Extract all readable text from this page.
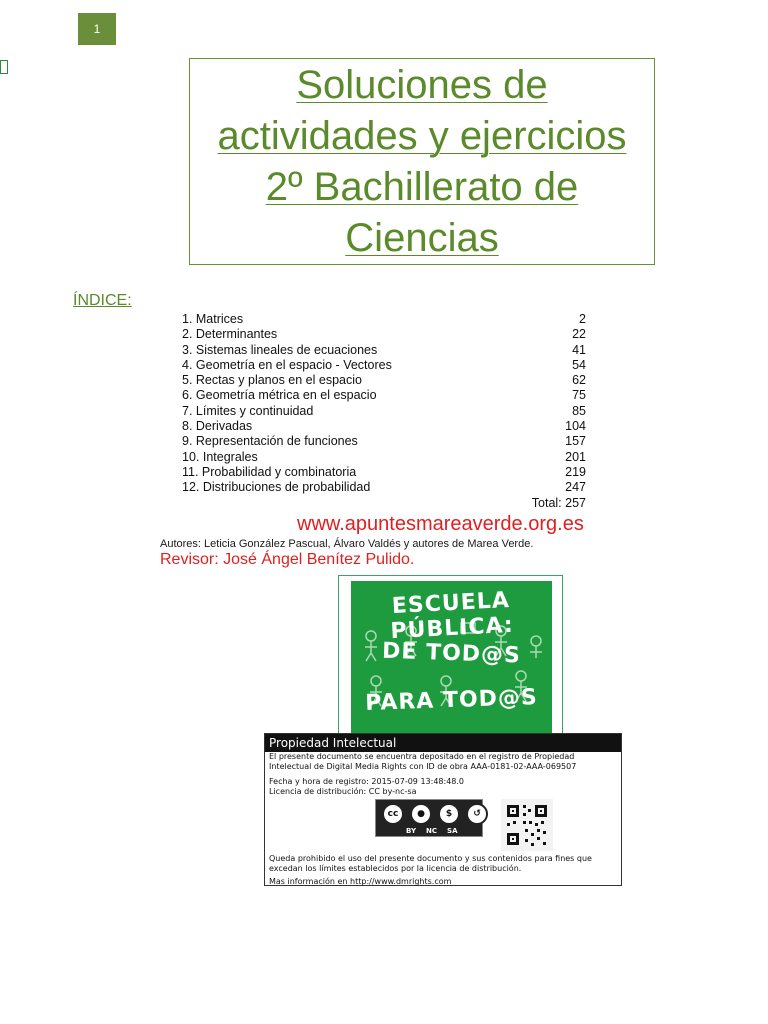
1
Soluciones de
actividades y ejercicios
2º Bachillerato de
Ciencias
ÍNDICE:
1. Matrices	2
2. Determinantes	22
3. Sistemas lineales de ecuaciones	41
4. Geometría en el espacio - Vectores	54
5. Rectas y planos en el espacio	62
6. Geometría métrica en el espacio	75
7. Límites y continuidad	85
8. Derivadas	104
9. Representación de funciones	157
10. Integrales	201
11. Probabilidad y combinatoria	219
12. Distribuciones de probabilidad	247
Total: 257
www.apuntesmareaverde.org.es
Autores: Leticia González Pascual, Álvaro Valdés y autores de Marea Verde.
Revisor: José Ángel Benítez Pulido.
ESCUELA PÚBLICA:
DE TOD@S
PARA TOD@S
Propiedad Intelectual
El presente documento se encuentra depositado en el registro de Propiedad Intelectual de Digital Media Rights con ID de obra AAA-0181-02-AAA-069507
Fecha y hora de registro: 2015-07-09 13:48:48.0
Licencia de distribución: CC by-nc-sa
cc	●	$	↺
BY NC SA
Queda prohibido el uso del presente documento y sus contenidos para fines que excedan los límites establecidos por la licencia de distribución.
Mas información en http://www.dmrights.com
